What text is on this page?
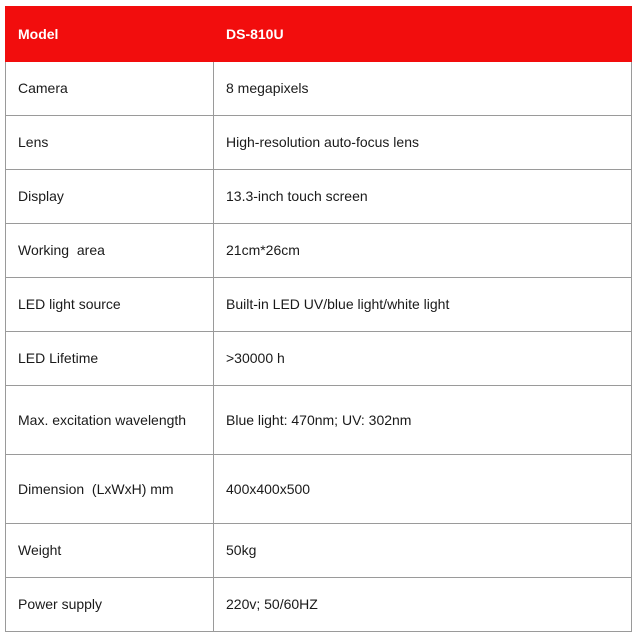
Model	DS-810U
Camera	8 megapixels
Lens	High-resolution auto-focus lens
Display	13.3-inch touch screen
Working  area	21cm*26cm
LED light source	Built-in LED UV/blue light/white light
LED Lifetime	>30000 h
Max. excitation wavelength	Blue light: 470nm; UV: 302nm
Dimension  (LxWxH) mm	400x400x500
Weight	50kg
Power supply	220v; 50/60HZ
